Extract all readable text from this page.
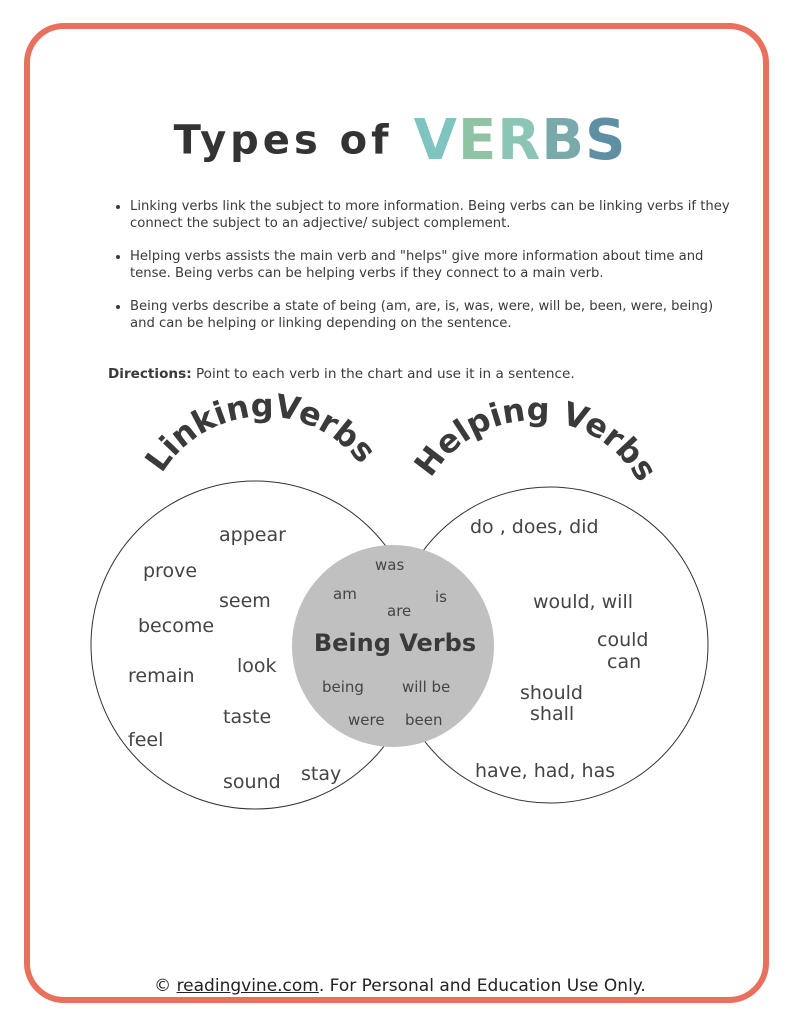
Types of VERBS
• Linking verbs link the subject to more information. Being verbs can be linking verbs if they connect the subject to an adjective/ subject complement.
• Helping verbs assists the main verb and "helps" give more information about time and tense. Being verbs can be helping verbs if they connect to a main verb.
• Being verbs describe a state of being (am, are, is, was, were, will be, been, were, being) and can be helping or linking depending on the sentence.
Directions: Point to each verb in the chart and use it in a sentence.
LinkingVerbs Helping Verbs
appear
prove
seem
become
remain look
taste
feel
sound stay
do , does, did
would, will
could
can
should
shall
have, had, has
was
am	is
are
Being Verbs
being	will be
were been
© readingvine.com. For Personal and Education Use Only.
